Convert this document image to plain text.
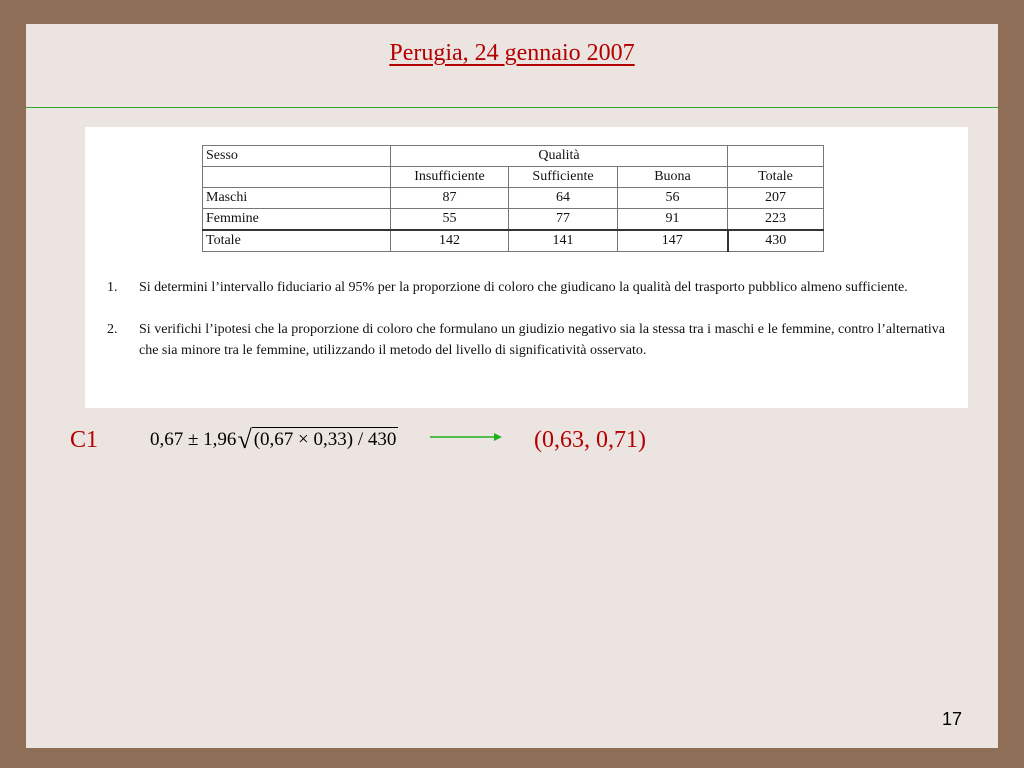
Perugia, 24 gennaio 2007
Sesso	Qualità			
	Insufficiente	Sufficiente	Buona	Totale
Maschi	87	64	56	207
Femmine	55	77	91	223
Totale	142	141	147	430
1.	Si determini l’intervallo fiduciario al 95% per la proporzione di coloro che giudicano la qualità del trasporto pubblico almeno sufficiente.
2.	Si verifichi l’ipotesi che la proporzione di coloro che formulano un giudizio negativo sia la stessa tra i maschi e le femmine, contro l’alternativa che sia minore tra le femmine, utilizzando il metodo del livello di significatività osservato.
C1	0,67 ± 1,96 √ (0,67 × 0,33) / 430	(0,63, 0,71)
17
